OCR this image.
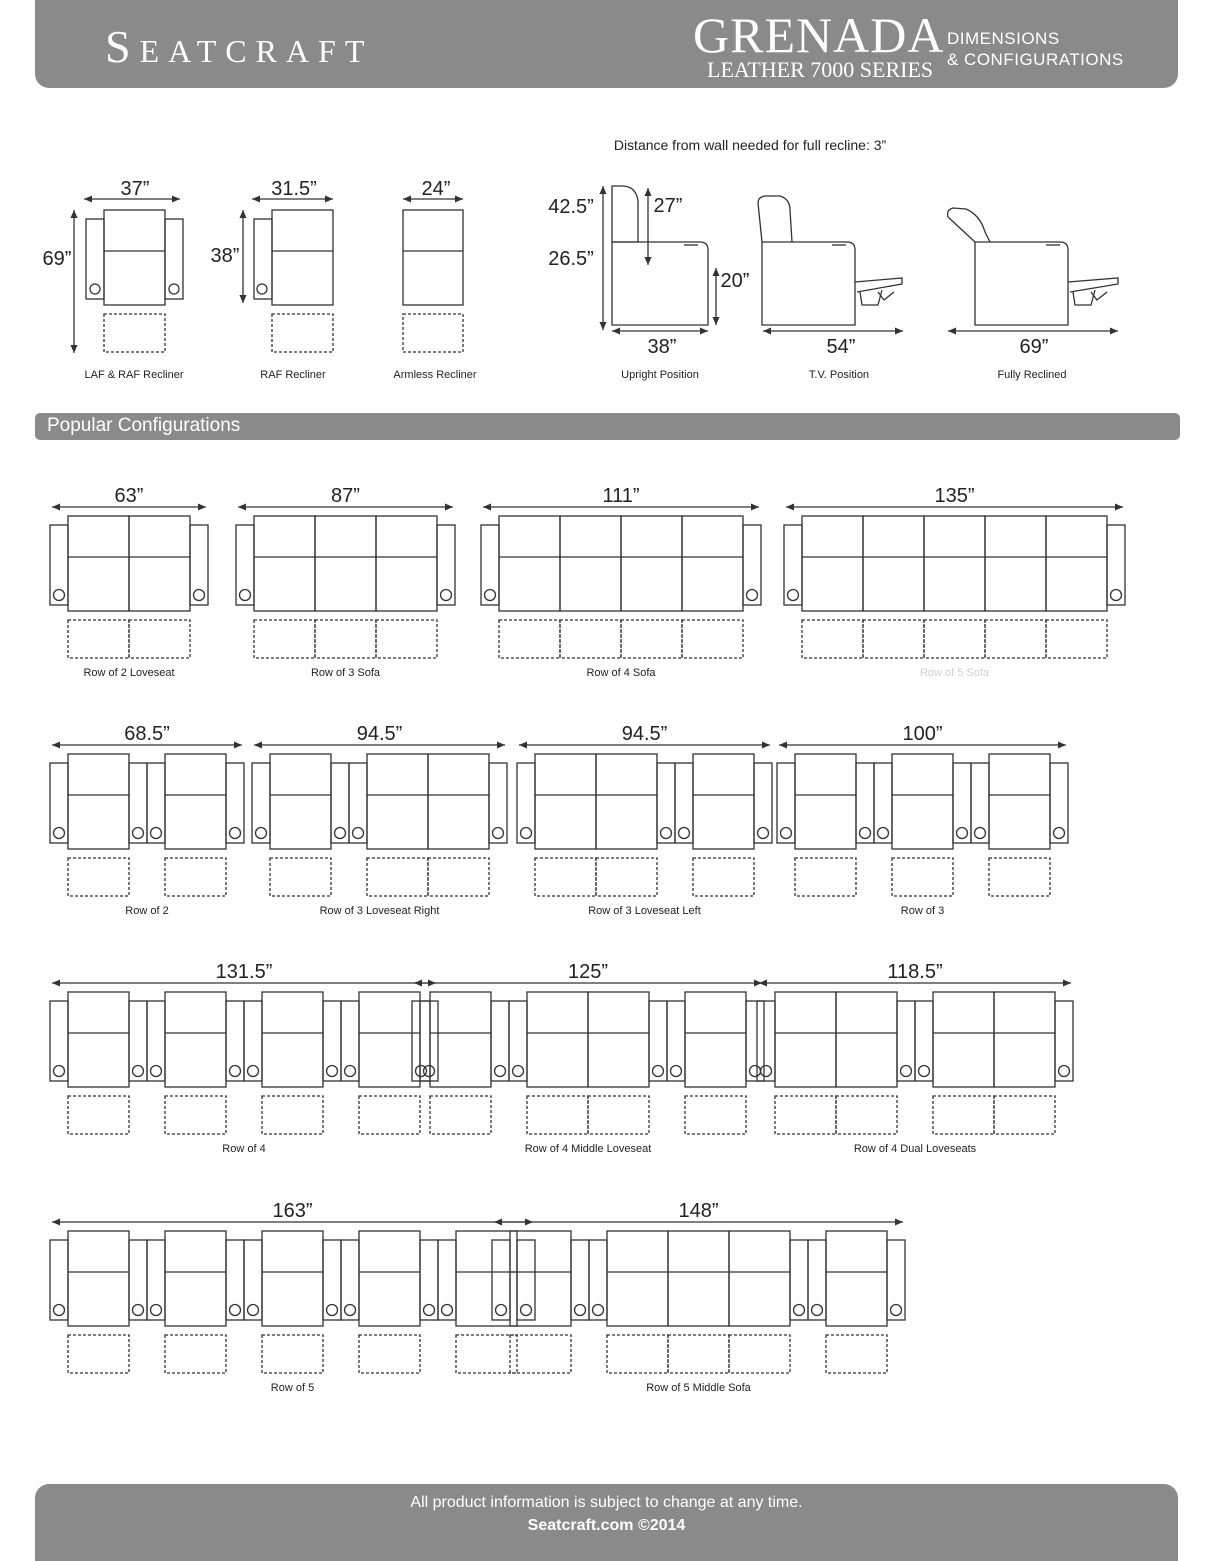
Seatcraft	GRENADA
LEATHER 7000 SERIES
DIMENSIONS
& CONFIGURATIONS
Popular Configurations
Distance from wall needed for full recline: 3”
37”
69”
LAF & RAF Recliner
31.5”
38”
RAF Recliner
24”
Armless Recliner
42.5”
26.5”
27”
20”
38”
Upright Position
54”
T.V. Position
69”
Fully Reclined
63”
Row of 2 Loveseat
87”
Row of 3 Sofa
111”
Row of 4 Sofa
135”
Row of 5 Sofa
68.5”
Row of 2
94.5”
Row of 3 Loveseat Right
94.5”
Row of 3 Loveseat Left
100”
Row of 3
131.5”
Row of 4
125”
Row of 4 Middle Loveseat
118.5”
Row of 4 Dual Loveseats
163”
Row of 5
148”
Row of 5 Middle Sofa
All product information is subject to change at any time.
Seatcraft.com ©2014
